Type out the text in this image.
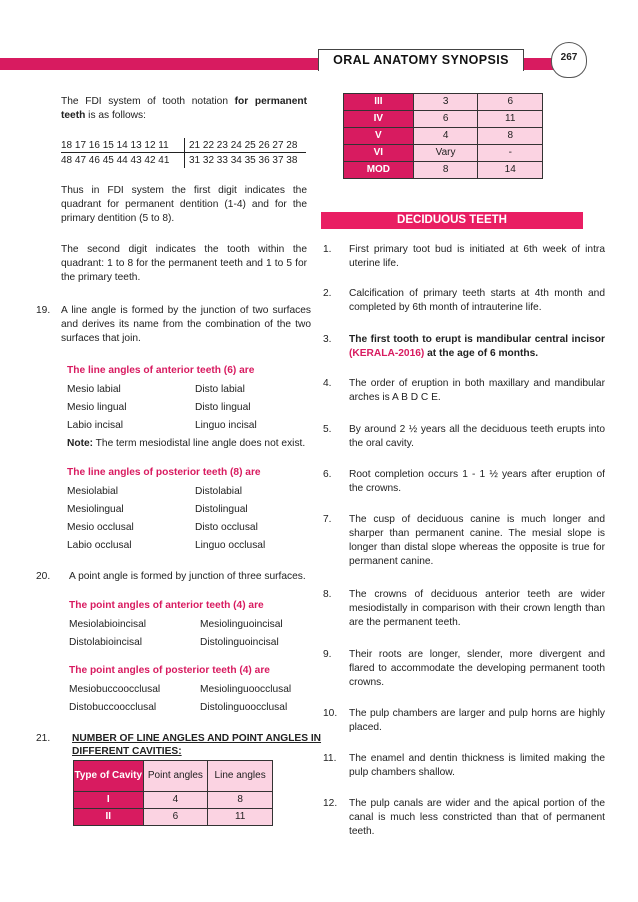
ORAL ANATOMY SYNOPSIS	267
The FDI system of tooth notation for permanent teeth is as follows:
18 17 16 15 14 13 12 11 21 22 23 24 25 26 27 28
48 47 46 45 44 43 42 41 31 32 33 34 35 36 37 38
Thus in FDI system the first digit indicates the quadrant for permanent dentition (1-4) and for the primary dentition (5 to 8).
The second digit indicates the tooth within the quadrant: 1 to 8 for the permanent teeth and 1 to 5 for the primary teeth.
19. A line angle is formed by the junction of two surfaces and derives its name from the combination of the two surfaces that join.
The line angles of anterior teeth (6) are
Mesio labial	Disto labial
Mesio lingual	Disto lingual
Labio incisal	Linguo incisal
Note: The term mesiodistal line angle does not exist.
The line angles of posterior teeth (8) are
Mesiolabial	Distolabial
Mesiolingual	Distolingual
Mesio occlusal	Disto occlusal
Labio occlusal	Linguo occlusal
20. A point angle is formed by junction of three surfaces.
The point angles of anterior teeth (4) are
Mesiolabioincisal	Mesiolinguoincisal
Distolabioincisal	Distolinguoincisal
The point angles of posterior teeth (4) are
Mesiobuccoocclusal	Mesiolinguoocclusal
Distobuccoocclusal	Distolinguoocclusal
21. NUMBER OF LINE ANGLES AND POINT ANGLES IN
DIFFERENT CAVITIES:
Type of Cavity	Point angles	Line angles
I	4	8
II	6	11
III	3	6
IV	6	11
V	4	8
VI	Vary	-
MOD	8	14
DECIDUOUS TEETH
1. First primary toot bud is initiated at 6th week of intra uterine life.
2. Calcification of primary teeth starts at 4th month and completed by 6th month of intrauterine life.
3. The first tooth to erupt is mandibular central incisor (KERALA-2016) at the age of 6 months.
4. The order of eruption in both maxillary and mandibular arches is A B D C E.
5. By around 2 ½ years all the deciduous teeth erupts into the oral cavity.
6. Root completion occurs 1 - 1 ½ years after eruption of the crowns.
7. The cusp of deciduous canine is much longer and sharper than permanent canine. The mesial slope is longer than distal slope whereas the opposite is true for permanent canine.
8. The crowns of deciduous anterior teeth are wider mesiodistally in comparison with their crown length than are the permanent teeth.
9. Their roots are longer, slender, more divergent and flared to accommodate the developing permanent tooth crowns.
10. The pulp chambers are larger and pulp horns are highly placed.
11. The enamel and dentin thickness is limited making the pulp chambers shallow.
12. The pulp canals are wider and the apical portion of the canal is much less constricted than that of permanent teeth.
